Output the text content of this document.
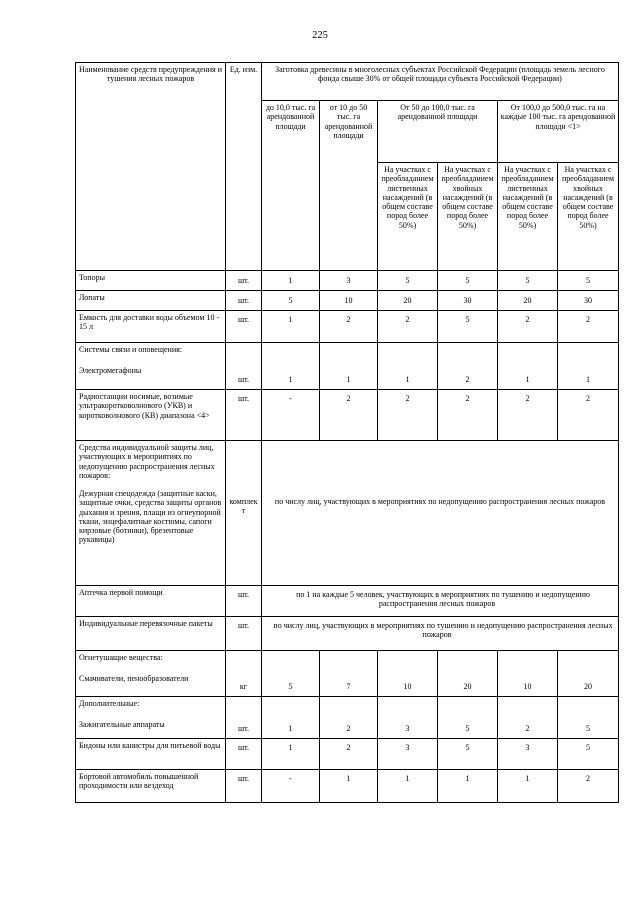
225
Наименование средств предупреждения и тушения лесных пожаров	Ед. изм.	Заготовка древесины в многолесных субъектах Российской Федерации (площадь земель лесного фонда свыше 30% от общей площади субъекта Российской Федерации)					
		до 10,0 тыс. га арендованной площади	от 10 до 50 тыс. га арендованной площади	От 50 до 100,0 тыс. га арендованной площади		От 100,0 до 500,0 тыс. га на каждые 100 тыс. га арендованной площади <1>	
				На участках с преобладанием лиственных насаждений (в общем составе пород более 50%)	На участках с преобладанием хвойных насаждений (в общем составе пород более 50%)	На участках с преобладанием лиственных насаждений (в общем составе пород более 50%)	На участках с преобладанием хвойных насаждений (в общем составе пород более 50%)
Топоры	шт.	1	3	5	5	5	5
Лопаты	шт.	5	10	20	30	20	30
Емкость для доставки воды объемом 10 - 15 л	шт.	1	2	2	5	2	2
Системы связи и оповещения:
Электромегафоны	шт.	1	1	1	2	1	1
Радиостанции носимые, возимые ультракоротковолнового (УКВ) и коротковолнового (КВ) диапазона <4>	шт.	-	2	2	2	2	2
Средства индивидуальной защиты лиц, участвующих в мероприятиях по недопущению распространения лесных пожаров:
Дежурная спецодежда (защитные каски, защитные очки, средства защиты органов дыхания и зрения, плащи из огнеупорной ткани, энцефалитные костюмы, сапоги кирзовые (ботинки), брезентовые рукавицы)	комплект	по числу лиц, участвующих в мероприятиях по недопущению распространения лесных пожаров					
Аптечка первой помощи	шт.	по 1 на каждые 5 человек, участвующих в мероприятиях по тушению и недопущению распространения лесных пожаров					
Индивидуальные перевязочные пакеты	шт.	по числу лиц, участвующих в мероприятиях по тушению и недопущению распространения лесных пожаров					
Огнетушащие вещества:
Смачиватели, пенообразователи	кг	5	7	10	20	10	20
Дополнительные:
Зажигательные аппараты	шт.	1	2	3	5	2	5
Бидоны или канистры для питьевой воды	шт.	1	2	3	5	3	5
Бортовой автомобиль повышенной проходимости или вездеход	шт.	-	1	1	1	1	2
